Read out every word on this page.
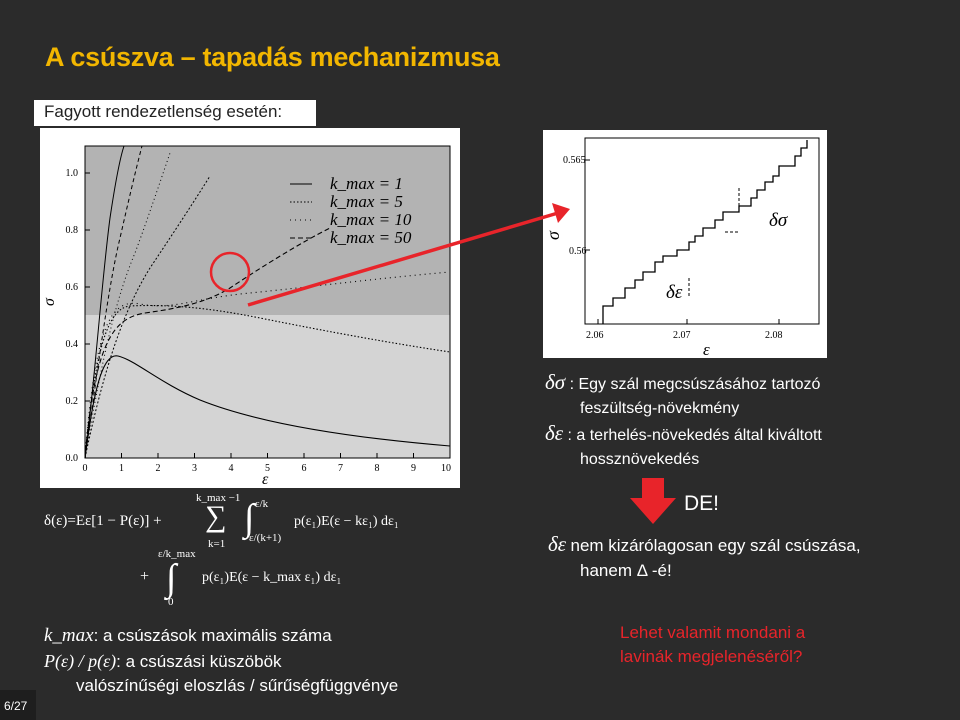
A csúszva – tapadás mechanizmusa
Fagyott rendezetlenség esetén:
0.0
0.2
0.4
0.6
0.8
1.0
0	1	2	3	4	5	6	7	8	9	10
ε
σ
k_max = 1
k_max = 5
k_max = 10
k_max = 50
0.565
0.56
2.06	2.07	2.08
ε
σ
δσ
δε
δσ : Egy szál megcsúszásához tartozó
feszültség-növekmény
δε : a terhelés-növekedés által kiváltott
hossznövekedés
DE!
δε nem kizárólagosan egy szál csúszása,
hanem Δ -é!
δ(ε)=Eε[1 − P(ε)] +
k_max −1
∑
k=1
∫ ε/k
ε/(k+1)
p(ε₁)E(ε − kε₁) dε₁
+
ε/k_max
∫
0
p(ε₁)E(ε − k_max ε₁) dε₁
k_max: a csúszások maximális száma
P(ε) / p(ε): a csúszási küszöbök
valószínűségi eloszlás / sűrűségfüggvénye
Lehet valamit mondani a
lavinák megjelenéséről?
6/27
